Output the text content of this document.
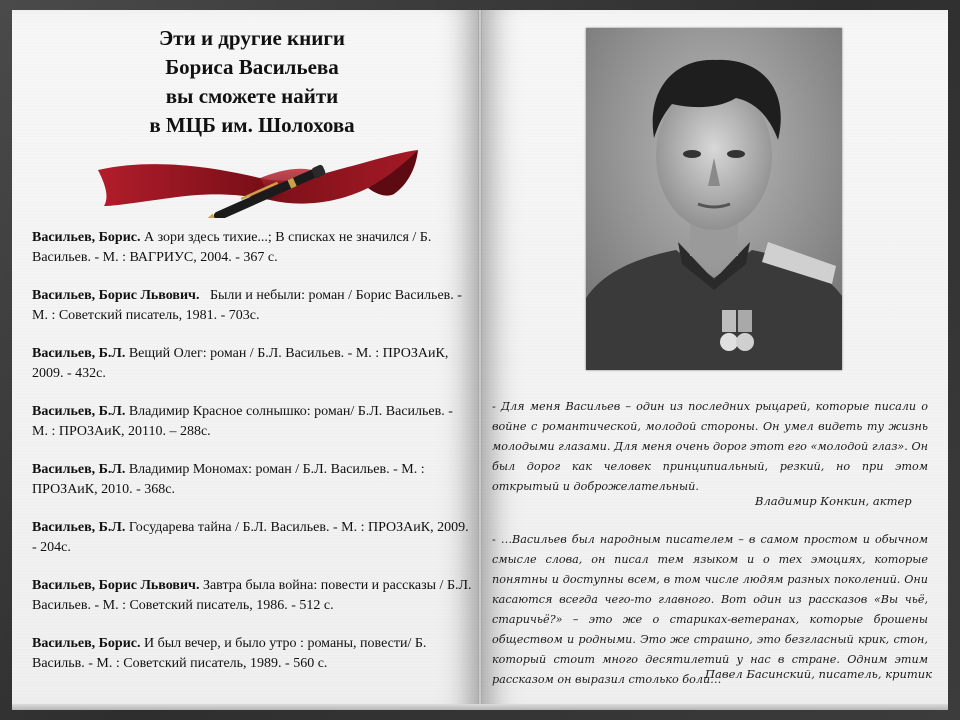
Эти и другие книги
Бориса Васильева
вы сможете найти
в МЦБ им. Шолохова
Васильев, Борис. А зори здесь тихие...; В списках не значился / Б. Васильев. - М. : ВАГРИУС, 2004. - 367 с.
Васильев, Борис Львович.   Были и небыли: роман / Борис Васильев. - М. : Советский писатель, 1981. - 703с.
Васильев, Б.Л. Вещий Олег: роман / Б.Л. Васильев. - М. : ПРОЗАиК, 2009. - 432с.
Васильев, Б.Л. Владимир Красное солнышко: роман/ Б.Л. Васильев. - М. : ПРОЗАиК, 20110. – 288с.
Васильев, Б.Л. Владимир Мономах: роман / Б.Л. Васильев. - М. : ПРОЗАиК, 2010. - 368с.
Васильев, Б.Л. Государева тайна / Б.Л. Васильев. - М. : ПРОЗАиК, 2009. - 204с.
Васильев, Борис Львович. Завтра была война: повести и рассказы / Б.Л. Васильев. - М. : Советский писатель, 1986. - 512 с.
Васильев, Борис. И был вечер, и было утро : романы, повести/ Б. Васильв. - М. : Советский писатель, 1989. - 560 с.
- Для меня Васильев – один из последних рыцарей, которые писали о войне с романтической, молодой стороны. Он умел видеть ту жизнь молодыми глазами. Для меня очень дорог этот его «молодой глаз». Он был дорог как человек принципиальный, резкий, но при этом открытый и доброжелательный.
Владимир Конкин, актер
- …Васильев был народным писателем – в самом простом и обычном смысле слова, он писал тем языком и о тех эмоциях, которые понятны и доступны всем, в том числе людям разных поколений. Они касаются всегда чего-то главного. Вот один из рассказов «Вы чьё, старичьё?» – это же о стариках-ветеранах, которые брошены обществом и родными. Это же страшно, это безгласный крик, стон, который стоит много десятилетий у нас в стране. Одним этим рассказом он выразил столько боли…
Павел Басинский, писатель, критик
